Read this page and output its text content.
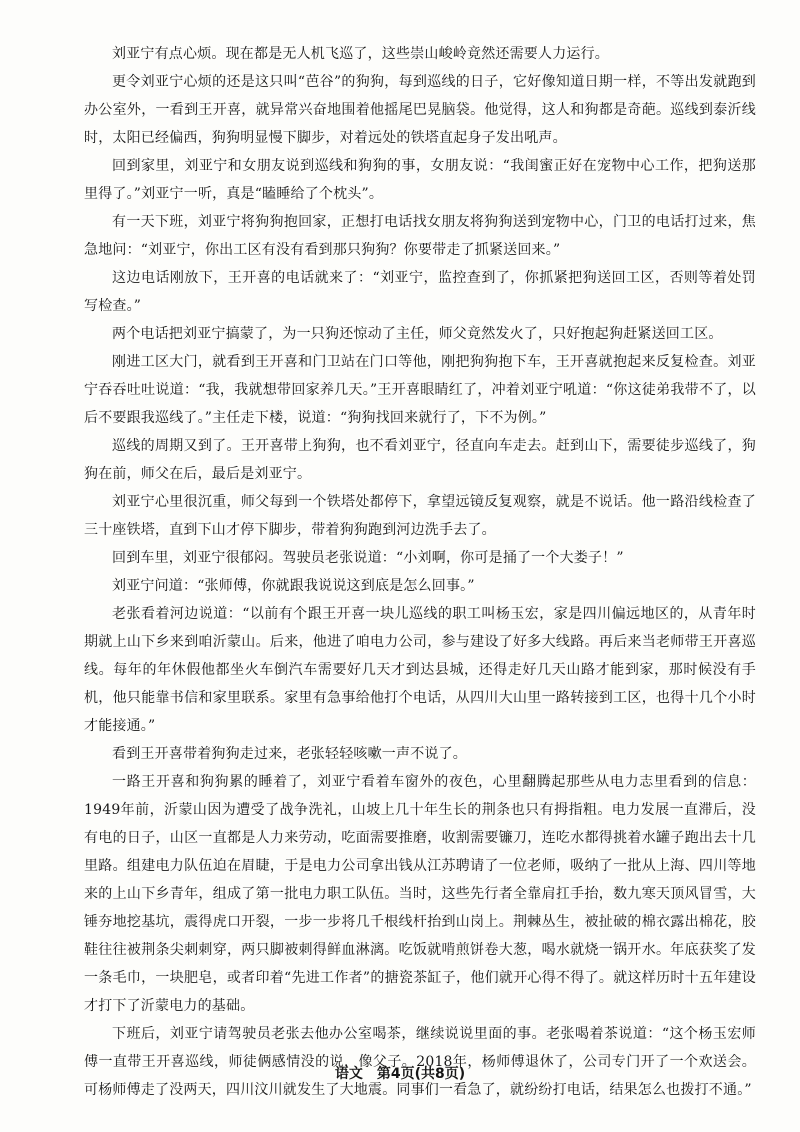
刘亚宁有点心烦。现在都是无人机飞巡了，这些崇山峻岭竟然还需要人力运行。

更令刘亚宁心烦的还是这只叫“芭谷”的狗狗，每到巡线的日子，它好像知道日期一样，不等出发就跑到办公室外，一看到王开喜，就异常兴奋地围着他摇尾巴晃脑袋。他觉得，这人和狗都是奇葩。巡线到泰沂线时，太阳已经偏西，狗狗明显慢下脚步，对着远处的铁塔直起身子发出吼声。

回到家里，刘亚宁和女朋友说到巡线和狗狗的事，女朋友说：“我闺蜜正好在宠物中心工作，把狗送那里得了。”刘亚宁一听，真是“瞌睡给了个枕头”。

有一天下班，刘亚宁将狗狗抱回家，正想打电话找女朋友将狗狗送到宠物中心，门卫的电话打过来，焦急地问：“刘亚宁，你出工区有没有看到那只狗狗？你要带走了抓紧送回来。”

这边电话刚放下，王开喜的电话就来了：“刘亚宁，监控查到了，你抓紧把狗送回工区，否则等着处罚写检查。”

两个电话把刘亚宁搞蒙了，为一只狗还惊动了主任，师父竟然发火了，只好抱起狗赶紧送回工区。

刚进工区大门，就看到王开喜和门卫站在门口等他，刚把狗狗抱下车，王开喜就抱起来反复检查。刘亚宁吞吞吐吐说道：“我，我就想带回家养几天。”王开喜眼睛红了，冲着刘亚宁吼道：“你这徒弟我带不了，以后不要跟我巡线了。”主任走下楼，说道：“狗狗找回来就行了，下不为例。”

巡线的周期又到了。王开喜带上狗狗，也不看刘亚宁，径直向车走去。赶到山下，需要徒步巡线了，狗狗在前，师父在后，最后是刘亚宁。

刘亚宁心里很沉重，师父每到一个铁塔处都停下，拿望远镜反复观察，就是不说话。他一路沿线检查了三十座铁塔，直到下山才停下脚步，带着狗狗跑到河边洗手去了。

回到车里，刘亚宁很郁闷。驾驶员老张说道：“小刘啊，你可是捅了一个大娄子！”

刘亚宁问道：“张师傅，你就跟我说说这到底是怎么回事。”

老张看着河边说道：“以前有个跟王开喜一块儿巡线的职工叫杨玉宏，家是四川偏远地区的，从青年时期就上山下乡来到咱沂蒙山。后来，他进了咱电力公司，参与建设了好多大线路。再后来当老师带王开喜巡线。每年的年休假他都坐火车倒汽车需要好几天才到达县城，还得走好几天山路才能到家，那时候没有手机，他只能靠书信和家里联系。家里有急事给他打个电话，从四川大山里一路转接到工区，也得十几个小时才能接通。”

看到王开喜带着狗狗走过来，老张轻轻咳嗽一声不说了。

一路王开喜和狗狗累的睡着了，刘亚宁看着车窗外的夜色，心里翻腾起那些从电力志里看到的信息：1949年前，沂蒙山因为遭受了战争洗礼，山坡上几十年生长的荆条也只有拇指粗。电力发展一直滞后，没有电的日子，山区一直都是人力来劳动，吃面需要推磨，收割需要镰刀，连吃水都得挑着水罐子跑出去十几里路。组建电力队伍迫在眉睫，于是电力公司拿出钱从江苏聘请了一位老师，吸纳了一批从上海、四川等地来的上山下乡青年，组成了第一批电力职工队伍。当时，这些先行者全靠肩扛手抬，数九寒天顶风冒雪，大锤夯地挖基坑，震得虎口开裂，一步一步将几千根线杆抬到山岗上。荆棘丛生，被扯破的棉衣露出棉花，胶鞋往往被荆条尖刺刺穿，两只脚被刺得鲜血淋漓。吃饭就啃煎饼卷大葱，喝水就烧一锅开水。年底获奖了发一条毛巾，一块肥皂，或者印着“先进工作者”的搪瓷茶缸子，他们就开心得不得了。就这样历时十五年建设才打下了沂蒙电力的基础。

下班后，刘亚宁请驾驶员老张去他办公室喝茶，继续说说里面的事。老张喝着茶说道：“这个杨玉宏师傅一直带王开喜巡线，师徒俩感情没的说，像父子。2018年，杨师傅退休了，公司专门开了一个欢送会。可杨师傅走了没两天，四川汶川就发生了大地震。同事们一看急了，就纷纷打电话，结果怎么也拨打不通。”

语文　第4页(共8页)
